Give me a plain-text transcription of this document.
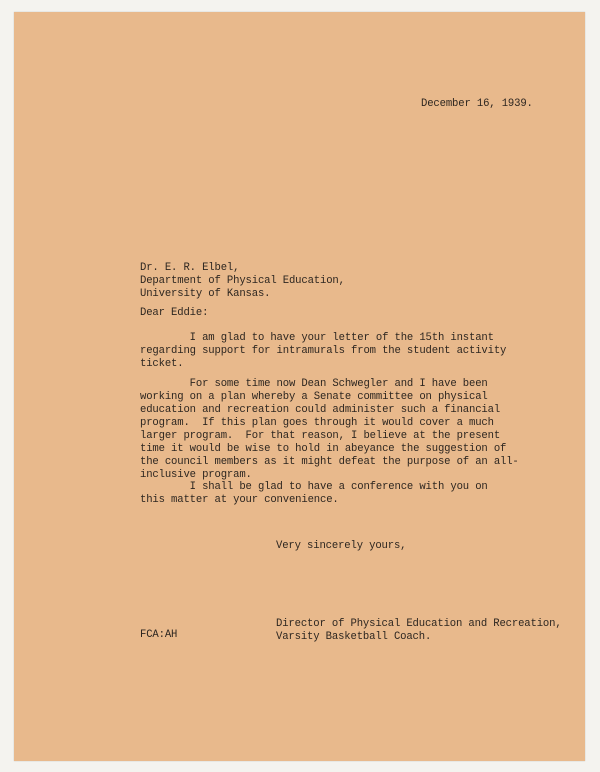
December 16, 1939.
Dr. E. R. Elbel,
Department of Physical Education,
University of Kansas.
Dear Eddie:
I am glad to have your letter of the 15th instant
regarding support for intramurals from the student activity
ticket.
For some time now Dean Schwegler and I have been
working on a plan whereby a Senate committee on physical
education and recreation could administer such a financial
program.  If this plan goes through it would cover a much
larger program.  For that reason, I believe at the present
time it would be wise to hold in abeyance the suggestion of
the council members as it might defeat the purpose of an all-
inclusive program.
I shall be glad to have a conference with you on
this matter at your convenience.
Very sincerely yours,
Director of Physical Education and Recreation,
Varsity Basketball Coach.
FCA:AH
